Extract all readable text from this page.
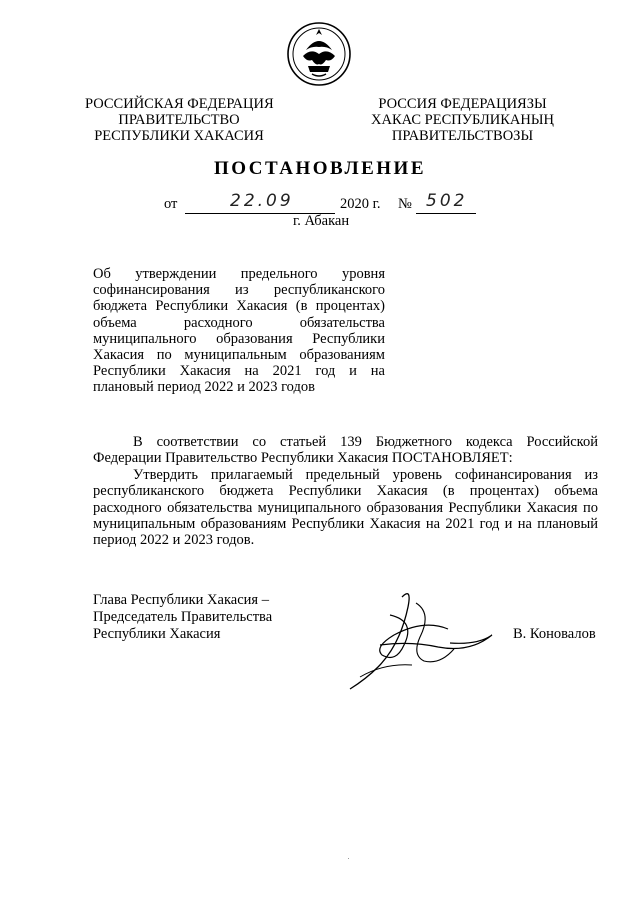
РОССИЙСКАЯ ФЕДЕРАЦИЯ
ПРАВИТЕЛЬСТВО
РЕСПУБЛИКИ ХАКАСИЯ
РОССИЯ ФЕДЕРАЦИЯЗЫ
ХАКАС РЕСПУБЛИКАНЫҢ
ПРАВИТЕЛЬСТВОЗЫ
ПОСТАНОВЛЕНИЕ
от	22.09	2020 г. № 502
г. Абакан
Об утверждении предельного уровня софинансирования из республиканского бюджета Республики Хакасия (в процентах) объема расходного обязательства муниципального образования Республики Хакасия по муниципальным образованиям Республики Хакасия на 2021 год и на плановый период 2022 и 2023 годов

В соответствии со статьей 139 Бюджетного кодекса Российской Федерации Правительство Республики Хакасия ПОСТАНОВЛЯЕТ:

Утвердить прилагаемый предельный уровень софинансирования из республиканского бюджета Республики Хакасия (в процентах) объема расходного обязательства муниципального образования Республики Хакасия по муниципальным образованиям Республики Хакасия на 2021 год и на плановый период 2022 и 2023 годов.

Глава Республики Хакасия –
Председатель Правительства
Республики Хакасия	В. Коновалов
